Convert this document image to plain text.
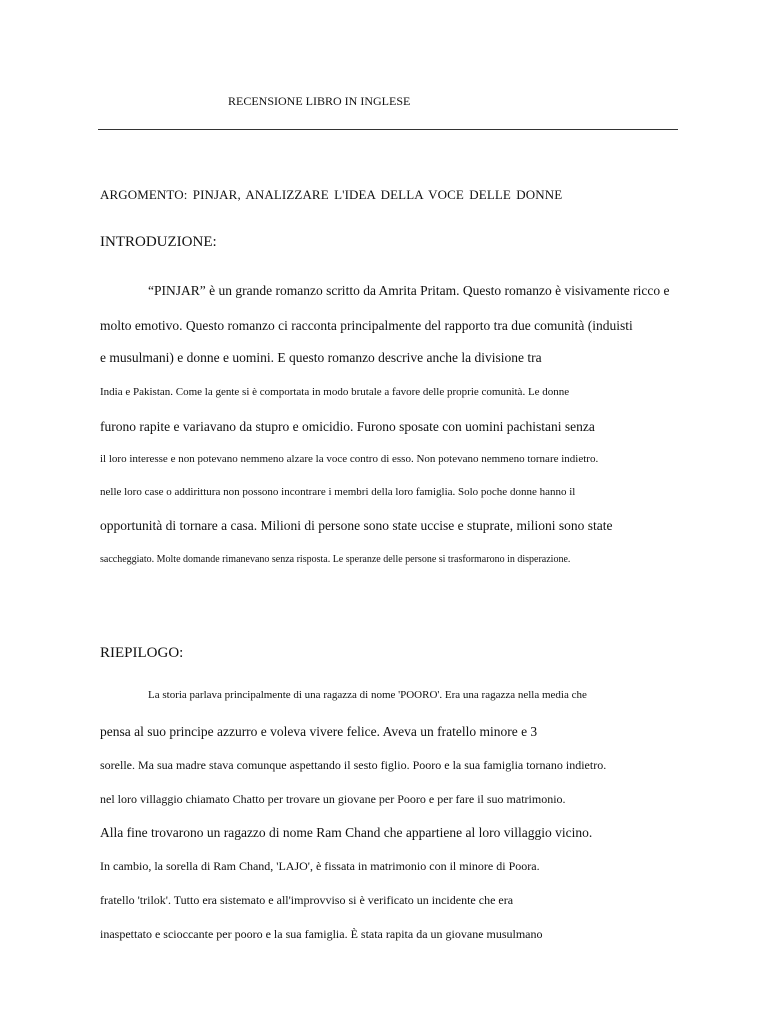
RECENSIONE LIBRO IN INGLESE
ARGOMENTO: PINJAR, ANALIZZARE L'IDEA DELLA VOCE DELLE DONNE
INTRODUZIONE:
“PINJAR” è un grande romanzo scritto da Amrita Pritam. Questo romanzo è visivamente ricco e
molto emotivo. Questo romanzo ci racconta principalmente del rapporto tra due comunità (induisti
e musulmani) e donne e uomini. E questo romanzo descrive anche la divisione tra
India e Pakistan. Come la gente si è comportata in modo brutale a favore delle proprie comunità. Le donne
furono rapite e variavano da stupro e omicidio. Furono sposate con uomini pachistani senza
il loro interesse e non potevano nemmeno alzare la voce contro di esso. Non potevano nemmeno tornare indietro.
nelle loro case o addirittura non possono incontrare i membri della loro famiglia. Solo poche donne hanno il
opportunità di tornare a casa. Milioni di persone sono state uccise e stuprate, milioni sono state
saccheggiato. Molte domande rimanevano senza risposta. Le speranze delle persone si trasformarono in disperazione.
RIEPILOGO:
La storia parlava principalmente di una ragazza di nome 'POORO'. Era una ragazza nella media che
pensa al suo principe azzurro e voleva vivere felice. Aveva un fratello minore e 3
sorelle. Ma sua madre stava comunque aspettando il sesto figlio. Pooro e la sua famiglia tornano indietro.
nel loro villaggio chiamato Chatto per trovare un giovane per Pooro e per fare il suo matrimonio.
Alla fine trovarono un ragazzo di nome Ram Chand che appartiene al loro villaggio vicino.
In cambio, la sorella di Ram Chand, 'LAJO', è fissata in matrimonio con il minore di Poora.
fratello 'trilok'. Tutto era sistemato e all'improvviso si è verificato un incidente che era
inaspettato e scioccante per pooro e la sua famiglia. È stata rapita da un giovane musulmano
